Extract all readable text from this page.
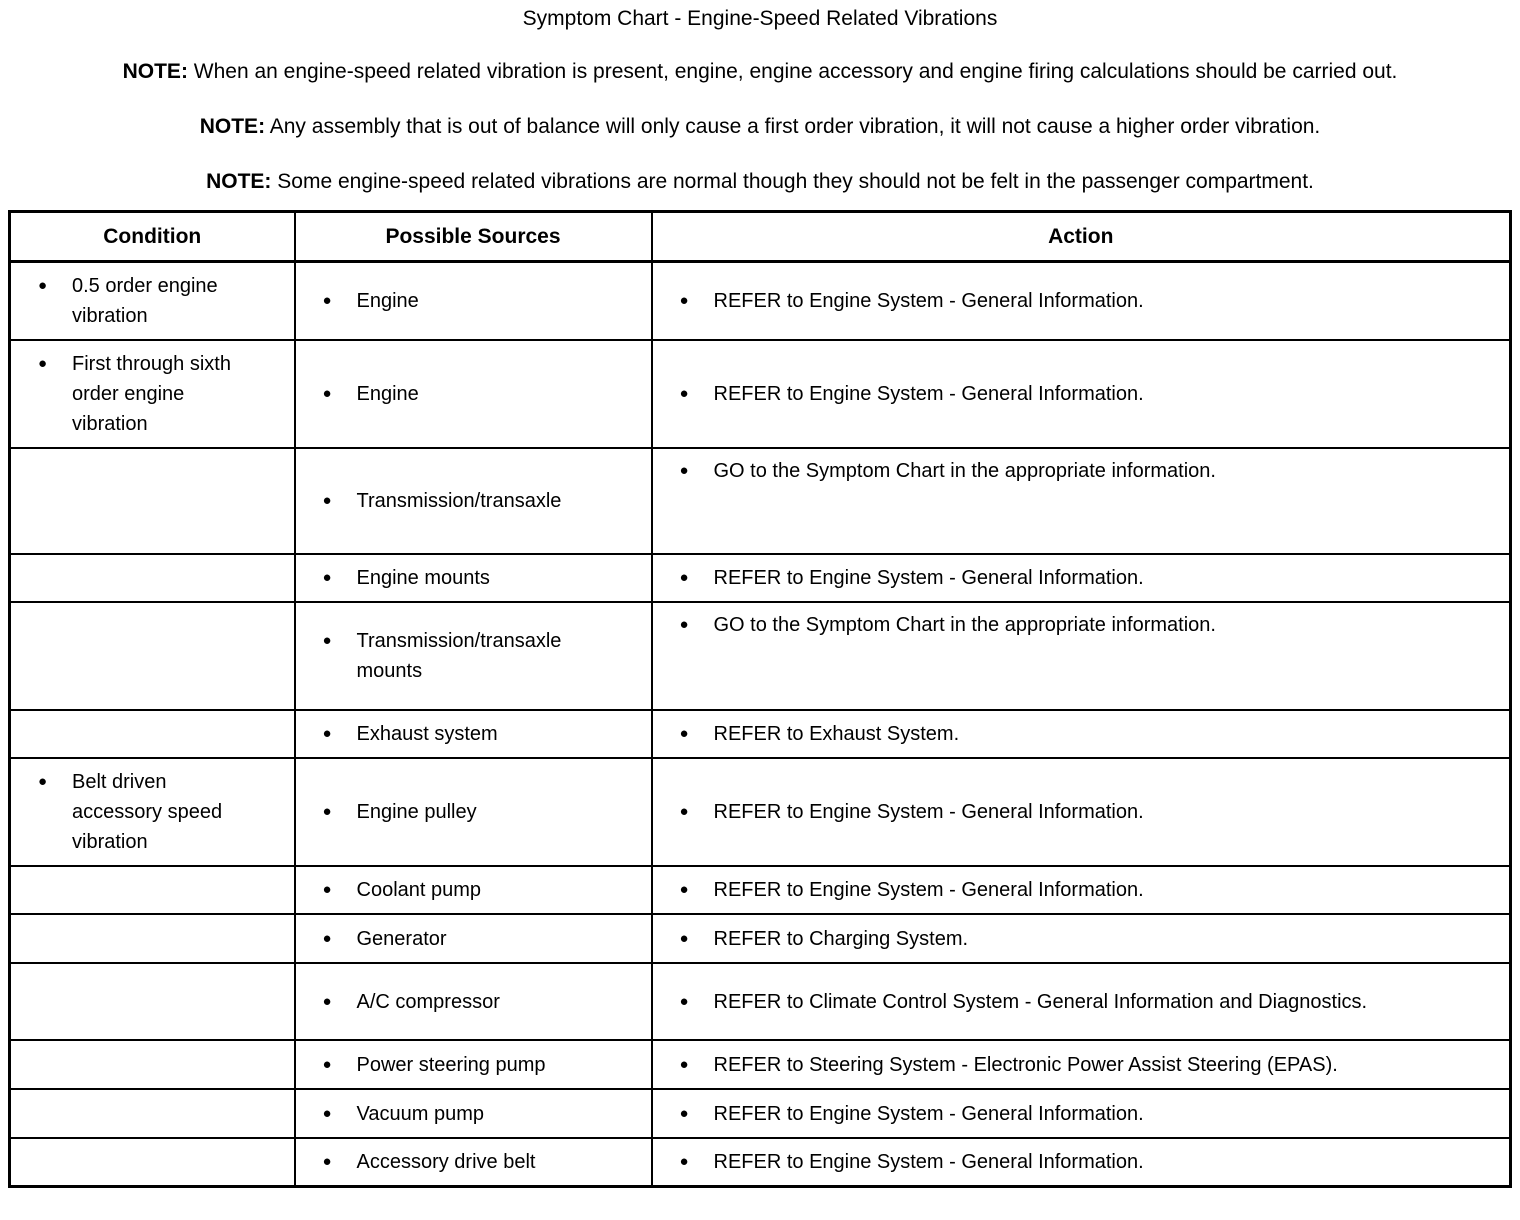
Symptom Chart - Engine-Speed Related Vibrations
NOTE: When an engine-speed related vibration is present, engine, engine accessory and engine firing calculations should be carried out.
NOTE: Any assembly that is out of balance will only cause a first order vibration, it will not cause a higher order vibration.
NOTE: Some engine-speed related vibrations are normal though they should not be felt in the passenger compartment.
Condition	Possible Sources	Action

● 0.5 order engine vibration	● Engine	● REFER to Engine System - General Information.

● First through sixth order engine vibration	● Engine	● REFER to Engine System - General Information.

	● Transmission/transaxle	● GO to the Symptom Chart in the appropriate information.

	● Engine mounts	● REFER to Engine System - General Information.

	● Transmission/transaxle mounts	● GO to the Symptom Chart in the appropriate information.

	● Exhaust system	● REFER to Exhaust System.

● Belt driven accessory speed vibration	● Engine pulley	● REFER to Engine System - General Information.

	● Coolant pump	● REFER to Engine System - General Information.

	● Generator	● REFER to Charging System.

	● A/C compressor	● REFER to Climate Control System - General Information and Diagnostics.

	● Power steering pump	● REFER to Steering System - Electronic Power Assist Steering (EPAS).

	● Vacuum pump	● REFER to Engine System - General Information.

	● Accessory drive belt	● REFER to Engine System - General Information.
